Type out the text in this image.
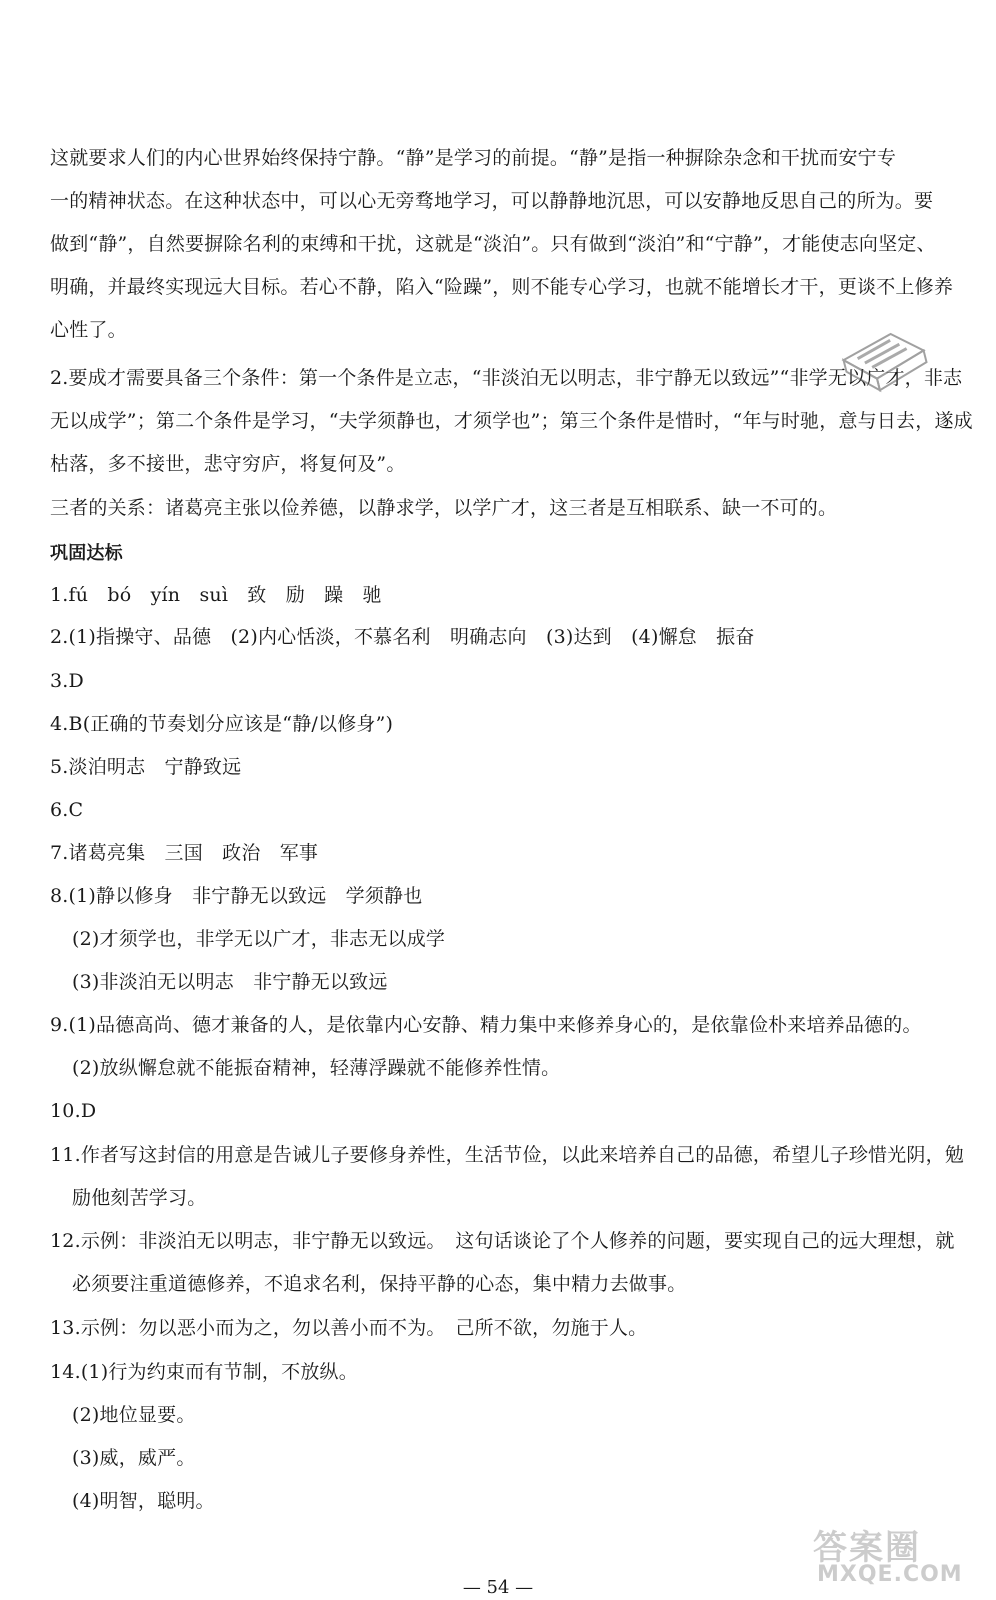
这就要求人们的内心世界始终保持宁静。“静”是学习的前提。“静”是指一种摒除杂念和干扰而安宁专
一的精神状态。在这种状态中，可以心无旁骛地学习，可以静静地沉思，可以安静地反思自己的所为。要
做到“静”，自然要摒除名利的束缚和干扰，这就是“淡泊”。只有做到“淡泊”和“宁静”，才能使志向坚定、
明确，并最终实现远大目标。若心不静，陷入“险躁”，则不能专心学习，也就不能增长才干，更谈不上修养
心性了。
2.要成才需要具备三个条件：第一个条件是立志，“非淡泊无以明志，非宁静无以致远”“非学无以广才，非志
无以成学”；第二个条件是学习，“夫学须静也，才须学也”；第三个条件是惜时，“年与时驰，意与日去，遂成
枯落，多不接世，悲守穷庐，将复何及”。
三者的关系：诸葛亮主张以俭养德，以静求学，以学广才，这三者是互相联系、缺一不可的。
巩固达标
1.fú　bó　yín　suì　致　励　躁　驰
2.(1)指操守、品德　(2)内心恬淡，不慕名利　明确志向　(3)达到　(4)懈怠　振奋
3.D
4.B(正确的节奏划分应该是“静/以修身”)
5.淡泊明志　宁静致远
6.C
7.诸葛亮集　三国　政治　军事
8.(1)静以修身　非宁静无以致远　学须静也
(2)才须学也，非学无以广才，非志无以成学
(3)非淡泊无以明志　非宁静无以致远
9.(1)品德高尚、德才兼备的人，是依靠内心安静、精力集中来修养身心的，是依靠俭朴来培养品德的。
(2)放纵懈怠就不能振奋精神，轻薄浮躁就不能修养性情。
10.D
11.作者写这封信的用意是告诫儿子要修身养性，生活节俭，以此来培养自己的品德，希望儿子珍惜光阴，勉
励他刻苦学习。
12.示例：非淡泊无以明志，非宁静无以致远。　这句话谈论了个人修养的问题，要实现自己的远大理想，就
必须要注重道德修养，不追求名利，保持平静的心态，集中精力去做事。
13.示例：勿以恶小而为之，勿以善小而不为。　己所不欲，勿施于人。
14.(1)行为约束而有节制，不放纵。
(2)地位显要。
(3)威，威严。
(4)明智，聪明。
— 54 —
答案圈
MXQE.COM
